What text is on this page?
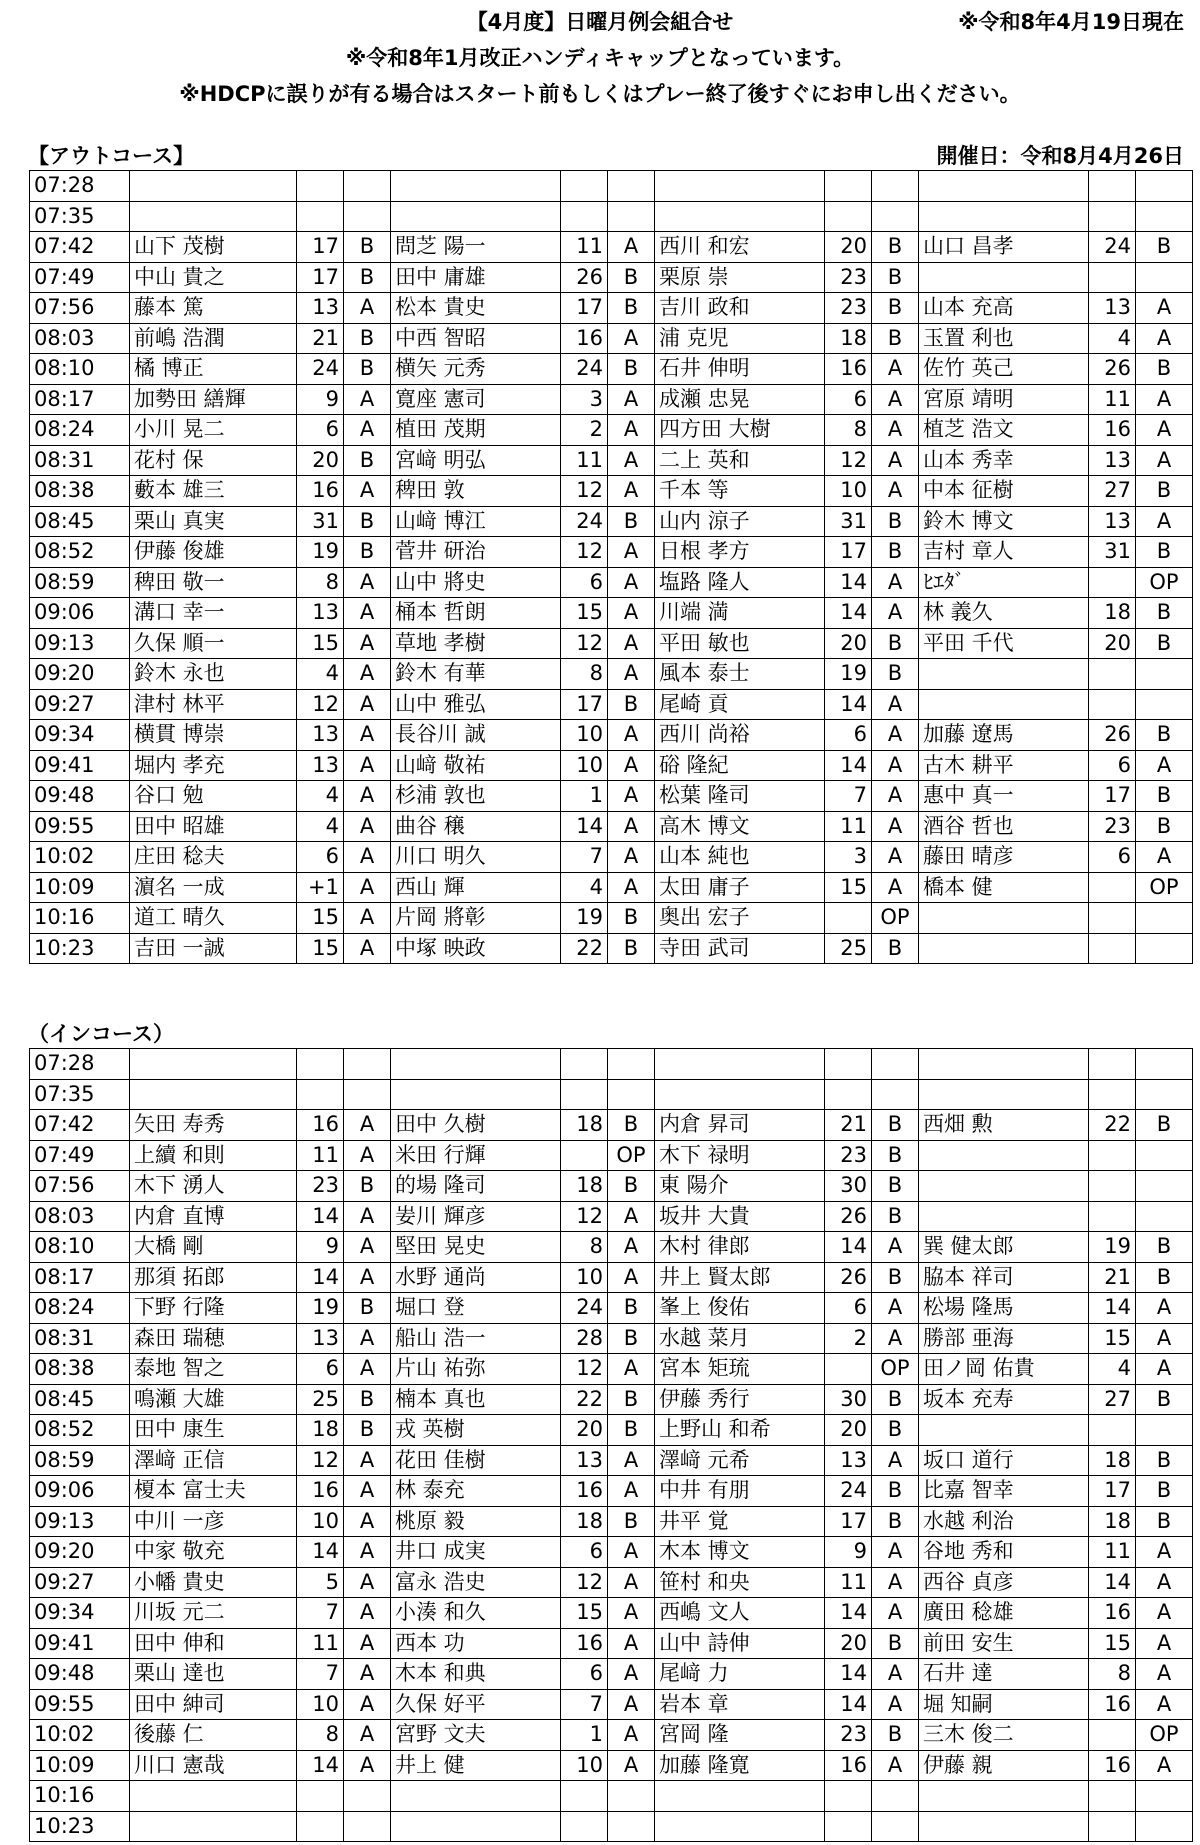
【4月度】日曜月例会組合せ	※令和8年4月19日現在
※令和8年1月改正ハンディキャップとなっています。
※HDCPに誤りが有る場合はスタート前もしくはプレー終了後すぐにお申し出ください。
【アウトコース】	開催日：令和8月4月26日
07:28												
07:35												
07:42	山下 茂樹	17	B	問芝 陽一	11	A	西川 和宏	20	B	山口 昌孝	24	B
07:49	中山 貴之	17	B	田中 庸雄	26	B	栗原 崇	23	B			
07:56	藤本 篤	13	A	松本 貴史	17	B	吉川 政和	23	B	山本 充高	13	A
08:03	前嶋 浩潤	21	B	中西 智昭	16	A	浦 克児	18	B	玉置 利也	4	A
08:10	橘 博正	24	B	横矢 元秀	24	B	石井 伸明	16	A	佐竹 英己	26	B
08:17	加勢田 繕輝	9	A	寛座 憲司	3	A	成瀬 忠晃	6	A	宮原 靖明	11	A
08:24	小川 晃二	6	A	植田 茂期	2	A	四方田 大樹	8	A	植芝 浩文	16	A
08:31	花村 保	20	B	宮﨑 明弘	11	A	二上 英和	12	A	山本 秀幸	13	A
08:38	藪本 雄三	16	A	稗田 敦	12	A	千本 等	10	A	中本 征樹	27	B
08:45	栗山 真実	31	B	山﨑 博江	24	B	山内 涼子	31	B	鈴木 博文	13	A
08:52	伊藤 俊雄	19	B	菅井 研治	12	A	日根 孝方	17	B	吉村 章人	31	B
08:59	稗田 敬一	8	A	山中 將史	6	A	塩路 隆人	14	A	ﾋｴﾀﾞ		OP
09:06	溝口 幸一	13	A	桶本 哲朗	15	A	川端 満	14	A	林 義久	18	B
09:13	久保 順一	15	A	草地 孝樹	12	A	平田 敏也	20	B	平田 千代	20	B
09:20	鈴木 永也	4	A	鈴木 有華	8	A	風本 泰士	19	B			
09:27	津村 林平	12	A	山中 雅弘	17	B	尾崎 貢	14	A			
09:34	横貫 博崇	13	A	長谷川 誠	10	A	西川 尚裕	6	A	加藤 遼馬	26	B
09:41	堀内 孝充	13	A	山﨑 敬祐	10	A	硲 隆紀	14	A	古木 耕平	6	A
09:48	谷口 勉	4	A	杉浦 敦也	1	A	松葉 隆司	7	A	惠中 真一	17	B
09:55	田中 昭雄	4	A	曲谷 穣	14	A	高木 博文	11	A	酒谷 哲也	23	B
10:02	庄田 稔夫	6	A	川口 明久	7	A	山本 純也	3	A	藤田 晴彦	6	A
10:09	濵名 一成	+1	A	西山 輝	4	A	太田 庸子	15	A	橋本 健		OP
10:16	道工 晴久	15	A	片岡 將彰	19	B	奥出 宏子		OP			
10:23	吉田 一誠	15	A	中塚 映政	22	B	寺田 武司	25	B			
（インコース）
07:28												
07:35												
07:42	矢田 寿秀	16	A	田中 久樹	18	B	内倉 昇司	21	B	西畑 勲	22	B
07:49	上續 和則	11	A	米田 行輝		OP	木下 禄明	23	B			
07:56	木下 湧人	23	B	的場 隆司	18	B	東 陽介	30	B			
08:03	内倉 直博	14	A	妛川 輝彦	12	A	坂井 大貴	26	B			
08:10	大橋 剛	9	A	堅田 晃史	8	A	木村 律郎	14	A	巽 健太郎	19	B
08:17	那須 拓郎	14	A	水野 通尚	10	A	井上 賢太郎	26	B	脇本 祥司	21	B
08:24	下野 行隆	19	B	堀口 登	24	B	峯上 俊佑	6	A	松場 隆馬	14	A
08:31	森田 瑞穂	13	A	船山 浩一	28	B	水越 菜月	2	A	勝部 亜海	15	A
08:38	泰地 智之	6	A	片山 祐弥	12	A	宮本 矩琉		OP	田ノ岡 佑貴	4	A
08:45	鳴瀬 大雄	25	B	楠本 真也	22	B	伊藤 秀行	30	B	坂本 充寿	27	B
08:52	田中 康生	18	B	戎 英樹	20	B	上野山 和希	20	B			
08:59	澤﨑 正信	12	A	花田 佳樹	13	A	澤﨑 元希	13	A	坂口 道行	18	B
09:06	榎本 富士夫	16	A	林 泰充	16	A	中井 有朋	24	B	比嘉 智幸	17	B
09:13	中川 一彦	10	A	桃原 毅	18	B	井平 覚	17	B	水越 利治	18	B
09:20	中家 敬充	14	A	井口 成実	6	A	木本 博文	9	A	谷地 秀和	11	A
09:27	小幡 貴史	5	A	富永 浩史	12	A	笹村 和央	11	A	西谷 貞彦	14	A
09:34	川坂 元二	7	A	小湊 和久	15	A	西嶋 文人	14	A	廣田 稔雄	16	A
09:41	田中 伸和	11	A	西本 功	16	A	山中 詩伸	20	B	前田 安生	15	A
09:48	栗山 達也	7	A	木本 和典	6	A	尾﨑 力	14	A	石井 達	8	A
09:55	田中 紳司	10	A	久保 好平	7	A	岩本 章	14	A	堀 知嗣	16	A
10:02	後藤 仁	8	A	宮野 文夫	1	A	宮岡 隆	23	B	三木 俊二		OP
10:09	川口 憲哉	14	A	井上 健	10	A	加藤 隆寛	16	A	伊藤 親	16	A
10:16												
10:23												
